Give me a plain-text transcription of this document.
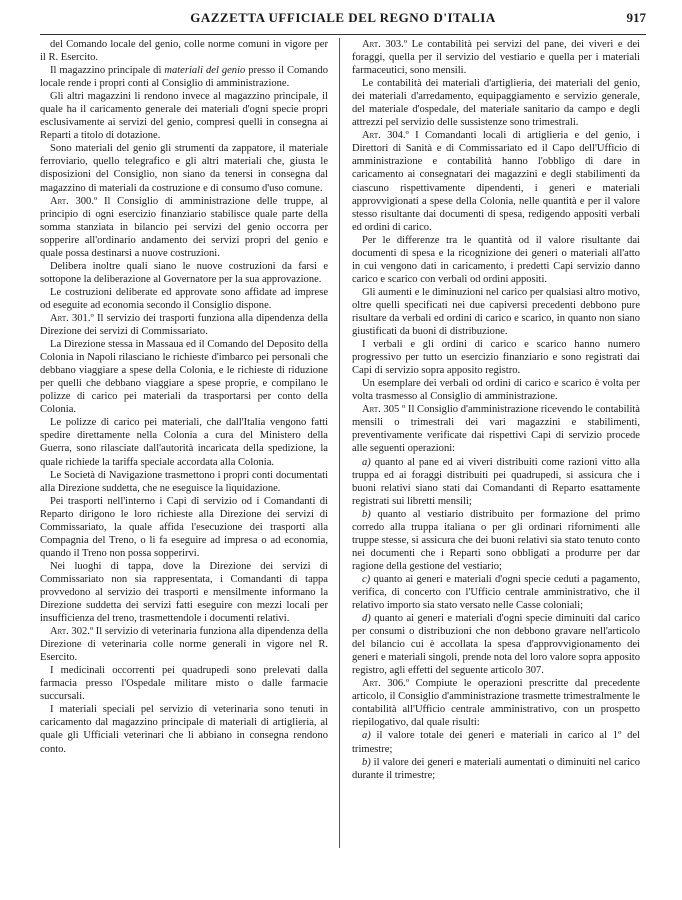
GAZZETTA UFFICIALE DEL REGNO D'ITALIA	917

del Comando locale del genio, colle norme comuni in vigore per il R. Esercito.

Il magazzino principale di materiali del genio presso il Comando locale rende i propri conti al Consiglio di amministrazione.

Gli altri magazzini li rendono invece al magazzino principale, il quale ha il caricamento generale dei materiali d'ogni specie propri esclusivamente ai servizi del genio, compresi quelli in consegna ai Reparti a titolo di dotazione.

Sono materiali del genio gli strumenti da zappatore, il materiale ferroviario, quello telegrafico e gli altri materiali che, giusta le disposizioni del Consiglio, non siano da tenersi in consegna dal magazzino di materiali da costruzione e di consumo d'uso comune.

Art. 300.º Il Consiglio di amministrazione delle truppe, al principio di ogni esercizio finanziario stabilisce quale parte della somma stanziata in bilancio pei servizi del genio occorra per sopperire all'ordinario andamento dei servizi propri del genio e quale possa destinarsi a nuove costruzioni.

Delibera inoltre quali siano le nuove costruzioni da farsi e sottopone la deliberazione al Governatore per la sua approvazione.

Le costruzioni deliberate ed approvate sono affidate ad imprese od eseguite ad economia secondo il Consiglio dispone.

Art. 301.º Il servizio dei trasporti funziona alla dipendenza della Direzione dei servizi di Commissariato.

La Direzione stessa in Massaua ed il Comando del Deposito della Colonia in Napoli rilasciano le richieste d'imbarco pei personali che debbano viaggiare a spese della Colonia, e le richieste di riduzione per quelli che debbano viaggiare a spese proprie, e compilano le polizze di carico pei materiali da trasportarsi per conto della Colonia.

Le polizze di carico pei materiali, che dall'Italia vengono fatti spedire direttamente nella Colonia a cura del Ministero della Guerra, sono rilasciate dall'autorità incaricata della spedizione, la quale richiede la tariffa speciale accordata alla Colonia.

Le Società di Navigazione trasmettono i propri conti documentati alla Direzione suddetta, che ne eseguisce la liquidazione.

Pei trasporti nell'interno i Capi di servizio od i Comandanti di Reparto dirigono le loro richieste alla Direzione dei servizi di Commissariato, la quale affida l'esecuzione dei trasporti alla Compagnia del Treno, o li fa eseguire ad impresa o ad economia, quando il Treno non possa sopperirvi.

Nei luoghi di tappa, dove la Direzione dei servizi di Commissariato non sia rappresentata, i Comandanti di tappa provvedono al servizio dei trasporti e mensilmente informano la Direzione suddetta dei servizi fatti eseguire con mezzi locali per insufficienza del treno, trasmettendole i documenti relativi.

Art. 302.º Il servizio di veterinaria funziona alla dipendenza della Direzione di veterinaria colle norme generali in vigore nel R. Esercito.

I medicinali occorrenti pei quadrupedi sono prelevati dalla farmacia presso l'Ospedale militare misto o dalle farmacie succursali.

I materiali speciali pel servizio di veterinaria sono tenuti in caricamento dal magazzino principale di materiali di artiglieria, al quale gli Ufficiali veterinari che li abbiano in consegna rendono conto.

Art. 303.º Le contabilità pei servizi del pane, dei viveri e dei foraggi, quella per il servizio del vestiario e quella per i materiali farmaceutici, sono mensili.

Le contabilità dei materiali d'artiglieria, dei materiali del genio, dei materiali d'arredamento, equipaggiamento e servizio generale, del materiale d'ospedale, del materiale sanitario da campo e degli attrezzi pel servizio delle sussistenze sono trimestrali.

Art. 304.º I Comandanti locali di artiglieria e del genio, i Direttori di Sanità e di Commissariato ed il Capo dell'Ufficio di amministrazione e contabilità hanno l'obbligo di dare in caricamento ai consegnatari dei magazzini e degli stabilimenti da ciascuno rispettivamente dipendenti, i generi e materiali approvvigionati a spese della Colonia, nelle quantità e per il valore stesso risultante dai documenti di spesa, redigendo appositi verbali ed ordini di carico.

Per le differenze tra le quantità od il valore risultante dai documenti di spesa e la ricognizione dei generi o materiali all'atto in cui vengono dati in caricamento, i predetti Capi servizio danno carico e scarico con verbali od ordini appositi.

Gli aumenti e le diminuzioni nel carico per qualsiasi altro motivo, oltre quelli specificati nei due capiversi precedenti debbono pure risultare da verbali ed ordini di carico e scarico, in quanto non siano giustificati da buoni di distribuzione.

I verbali e gli ordini di carico e scarico hanno numero progressivo per tutto un esercizio finanziario e sono registrati dai Capi di servizio sopra apposito registro.

Un esemplare dei verbali od ordini di carico e scarico è volta per volta trasmesso al Consiglio di amministrazione.

Art. 305 º Il Consiglio d'amministrazione ricevendo le contabilità mensili o trimestrali dei vari magazzini e stabilimenti, preventivamente verificate dai rispettivi Capi di servizio procede alle seguenti operazioni:

a) quanto al pane ed ai viveri distribuiti come razioni vitto alla truppa ed ai foraggi distribuiti pei quadrupedi, si assicura che i buoni relativi siano stati dai Comandanti di Reparto esattamente registrati sui libretti mensili;

b) quanto al vestiario distribuito per formazione del primo corredo alla truppa italiana o per gli ordinari rifornimenti alle truppe stesse, si assicura che dei buoni relativi sia stato tenuto conto nei documenti che i Reparti sono obbligati a produrre per dar ragione della gestione del vestiario;

c) quanto ai generi e materiali d'ogni specie ceduti a pagamento, verifica, di concerto con l'Ufficio centrale amministrativo, che il relativo importo sia stato versato nelle Casse coloniali;

d) quanto ai generi e materiali d'ogni specie diminuiti dal carico per consumi o distribuzioni che non debbono gravare nell'articolo del bilancio cui è accollata la spesa d'approvvigionamento dei generi e materiali singoli, prende nota del loro valore sopra apposito registro, agli effetti del seguente articolo 307.

Art. 306.º Compiute le operazioni prescritte dal precedente articolo, il Consiglio d'amministrazione trasmette trimestralmente le contabilità all'Ufficio centrale amministrativo, con un prospetto riepilogativo, dal quale risulti:

a) il valore totale dei generi e materiali in carico al 1º del trimestre;

b) il valore dei generi e materiali aumentati o diminuiti nel carico durante il trimestre;
